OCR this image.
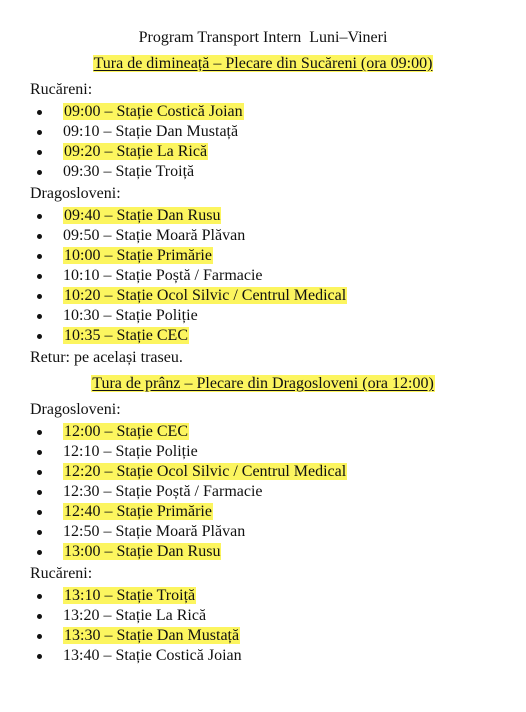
Program Transport Intern  Luni–Vineri
Tura de dimineață – Plecare din Sucăreni (ora 09:00)
Rucăreni:
09:00 – Stație Costică Joian
09:10 – Stație Dan Mustață
09:20 – Stație La Rică
09:30 – Stație Troiță
Dragosloveni:
09:40 – Stație Dan Rusu
09:50 – Stație Moară Plăvan
10:00 – Stație Primărie
10:10 – Stație Poștă / Farmacie
10:20 – Stație Ocol Silvic / Centrul Medical
10:30 – Stație Poliție
10:35 – Stație CEC
Retur: pe același traseu.
Tura de prânz – Plecare din Dragosloveni (ora 12:00)
Dragosloveni:
12:00 – Stație CEC
12:10 – Stație Poliție
12:20 – Stație Ocol Silvic / Centrul Medical
12:30 – Stație Poștă / Farmacie
12:40 – Stație Primărie
12:50 – Stație Moară Plăvan
13:00 – Stație Dan Rusu
Rucăreni:
13:10 – Stație Troiță
13:20 – Stație La Rică
13:30 – Stație Dan Mustață
13:40 – Stație Costică Joian
